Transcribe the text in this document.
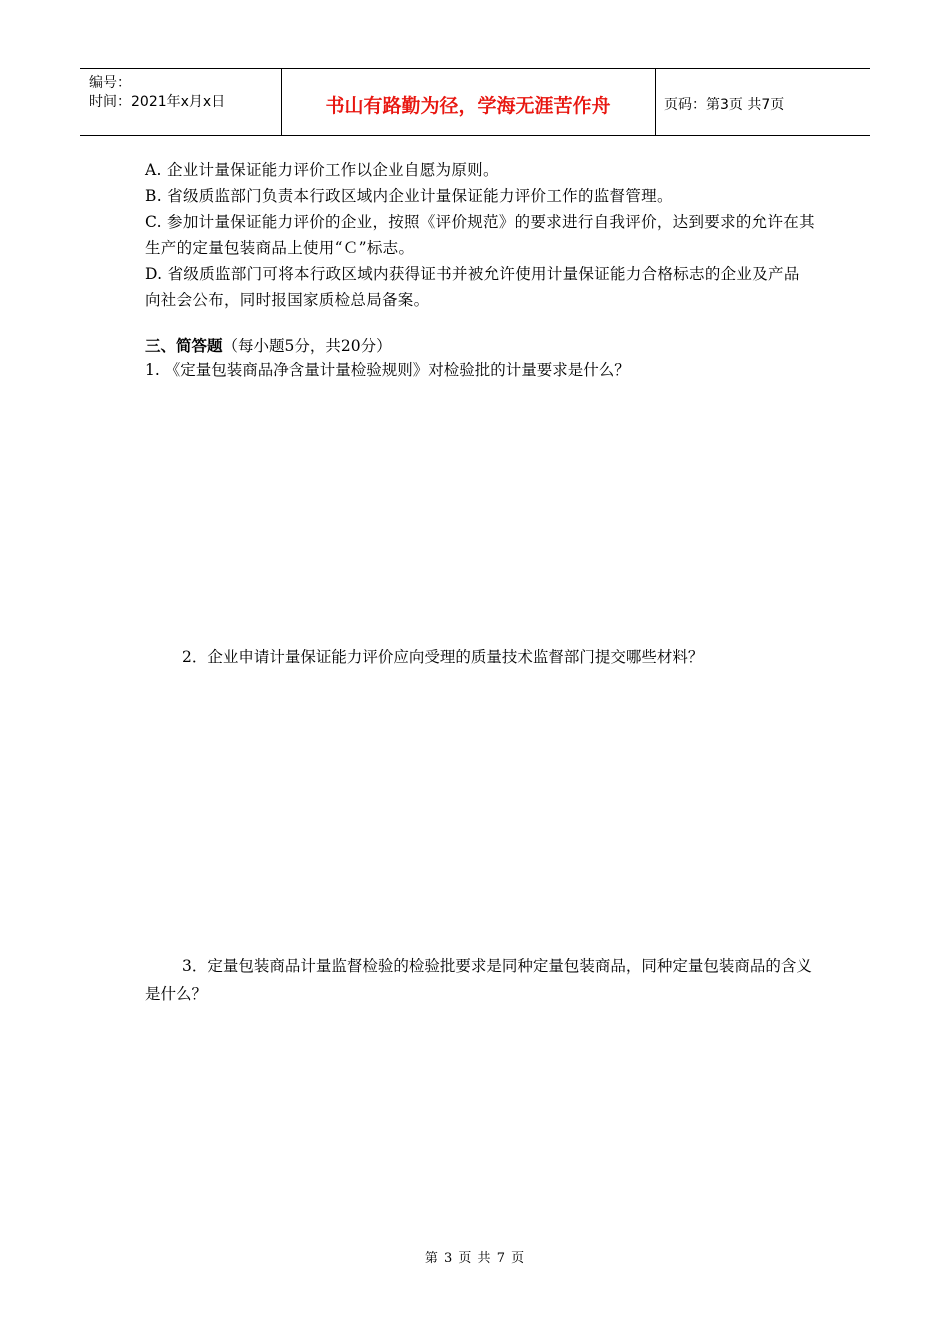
编号：
时间：2021年x月x日	书山有路勤为径，学海无涯苦作舟	页码：第3页 共7页
A. 企业计量保证能力评价工作以企业自愿为原则。
B. 省级质监部门负责本行政区域内企业计量保证能力评价工作的监督管理。
C. 参加计量保证能力评价的企业，按照《评价规范》的要求进行自我评价，达到要求的允许在其生产的定量包装商品上使用“Ｃ”标志。
D. 省级质监部门可将本行政区域内获得证书并被允许使用计量保证能力合格标志的企业及产品向社会公布，同时报国家质检总局备案。
三、简答题（每小题5分，共20分）
1. 《定量包装商品净含量计量检验规则》对检验批的计量要求是什么？
2．企业申请计量保证能力评价应向受理的质量技术监督部门提交哪些材料？
3．定量包装商品计量监督检验的检验批要求是同种定量包装商品，同种定量包装商品的含义是什么？
第 3 页 共 7 页
